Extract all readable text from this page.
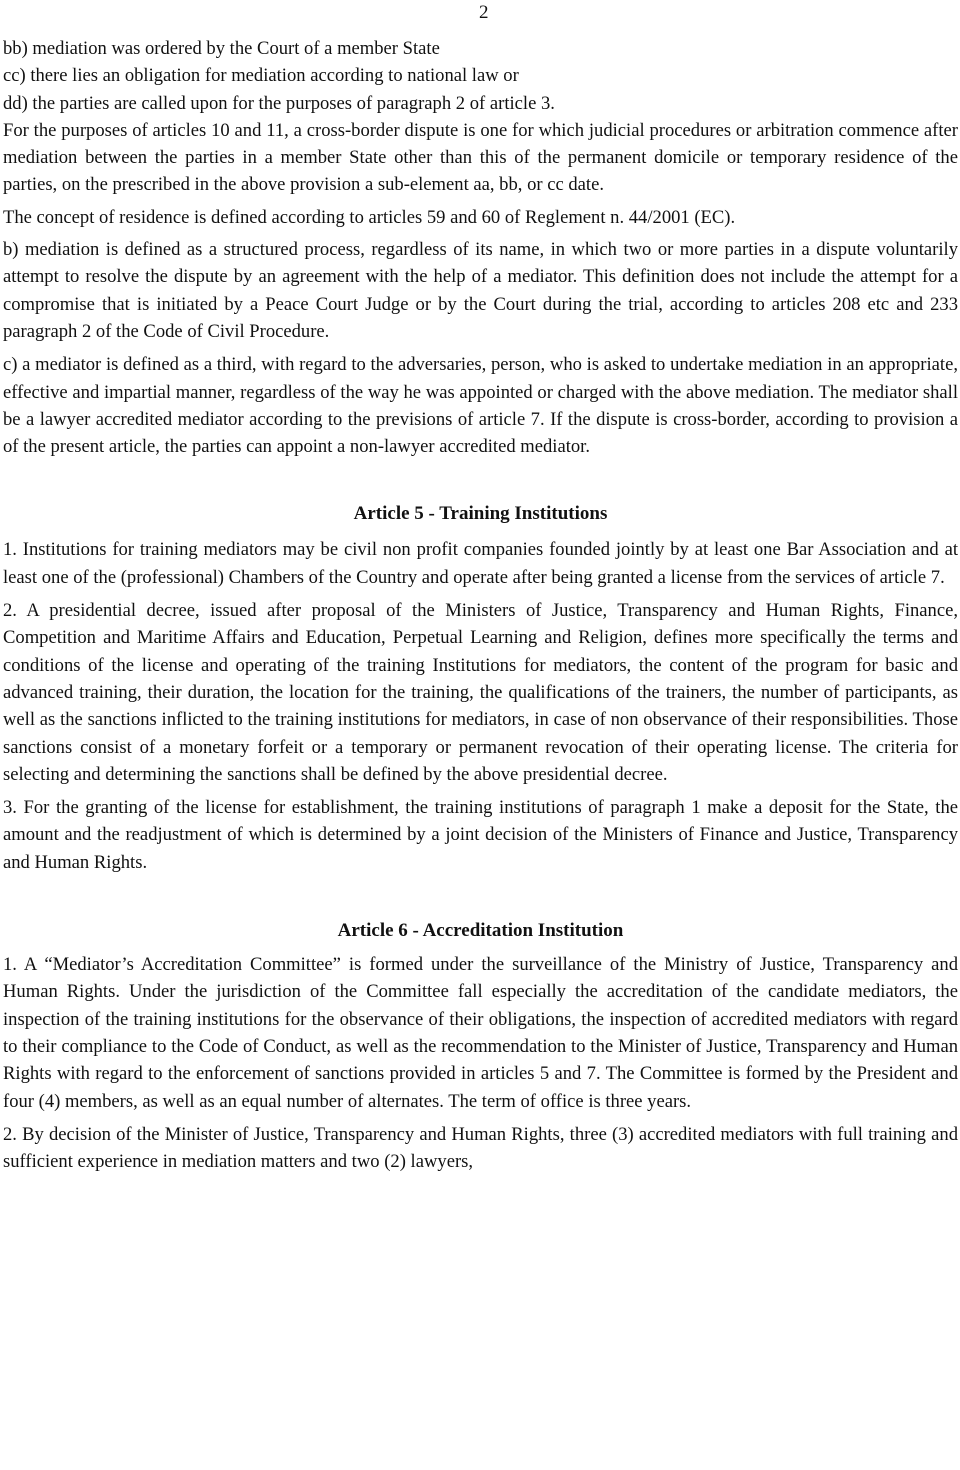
2

bb) mediation was ordered by the Court of a member State

cc) there lies an obligation for mediation according to national law or

dd) the parties are called upon for the purposes of paragraph 2 of article 3.

For the purposes of articles 10 and 11, a cross-border dispute is one for which judicial procedures or arbitration commence after mediation between the parties in a member State other than this of the permanent domicile or temporary residence of the parties, on the prescribed in the above provision a sub-element aa, bb, or cc date.

The concept of residence is defined according to articles 59 and 60 of Reglement n. 44/2001 (EC).

b) mediation is defined as a structured process, regardless of its name, in which two or more parties in a dispute voluntarily attempt to resolve the dispute by an agreement with the help of a mediator. This definition does not include the attempt for a compromise that is initiated by a Peace Court Judge or by the Court during the trial, according to articles 208 etc and 233 paragraph 2 of the Code of Civil Procedure.

c) a mediator is defined as a third, with regard to the adversaries, person, who is asked to undertake mediation in an appropriate, effective and impartial manner, regardless of the way he was appointed or charged with the above mediation. The mediator shall be a lawyer accredited mediator according to the previsions of article 7. If the dispute is cross-border, according to provision a of the present article, the parties can appoint a non-lawyer accredited mediator.

Article 5 - Training Institutions

1. Institutions for training mediators may be civil non profit companies founded jointly by at least one Bar Association and at least one of the (professional) Chambers of the Country and operate after being granted a license from the services of article 7.

2. A presidential decree, issued after proposal of the Ministers of Justice, Transparency and Human Rights, Finance, Competition and Maritime Affairs and Education, Perpetual Learning and Religion, defines more specifically the terms and conditions of the license and operating of the training Institutions for mediators, the content of the program for basic and advanced training, their duration, the location for the training, the qualifications of the trainers, the number of participants, as well as the sanctions inflicted to the training institutions for mediators, in case of non observance of their responsibilities. Those sanctions consist of a monetary forfeit or a temporary or permanent revocation of their operating license. The criteria for selecting and determining the sanctions shall be defined by the above presidential decree.

3. For the granting of the license for establishment, the training institutions of paragraph 1 make a deposit for the State, the amount and the readjustment of which is determined by a joint decision of the Ministers of Finance and Justice, Transparency and Human Rights.

Article 6 - Accreditation Institution

1. A “Mediator’s Accreditation Committee” is formed under the surveillance of the Ministry of Justice, Transparency and Human Rights. Under the jurisdiction of the Committee fall especially the accreditation of the candidate mediators, the inspection of the training institutions for the observance of their obligations, the inspection of accredited mediators with regard to their compliance to the Code of Conduct, as well as the recommendation to the Minister of Justice, Transparency and Human Rights with regard to the enforcement of sanctions provided in articles 5 and 7. The Committee is formed by the President and four (4) members, as well as an equal number of alternates. The term of office is three years.

2. By decision of the Minister of Justice, Transparency and Human Rights, three (3) accredited mediators with full training and sufficient experience in mediation matters and two (2) lawyers,
